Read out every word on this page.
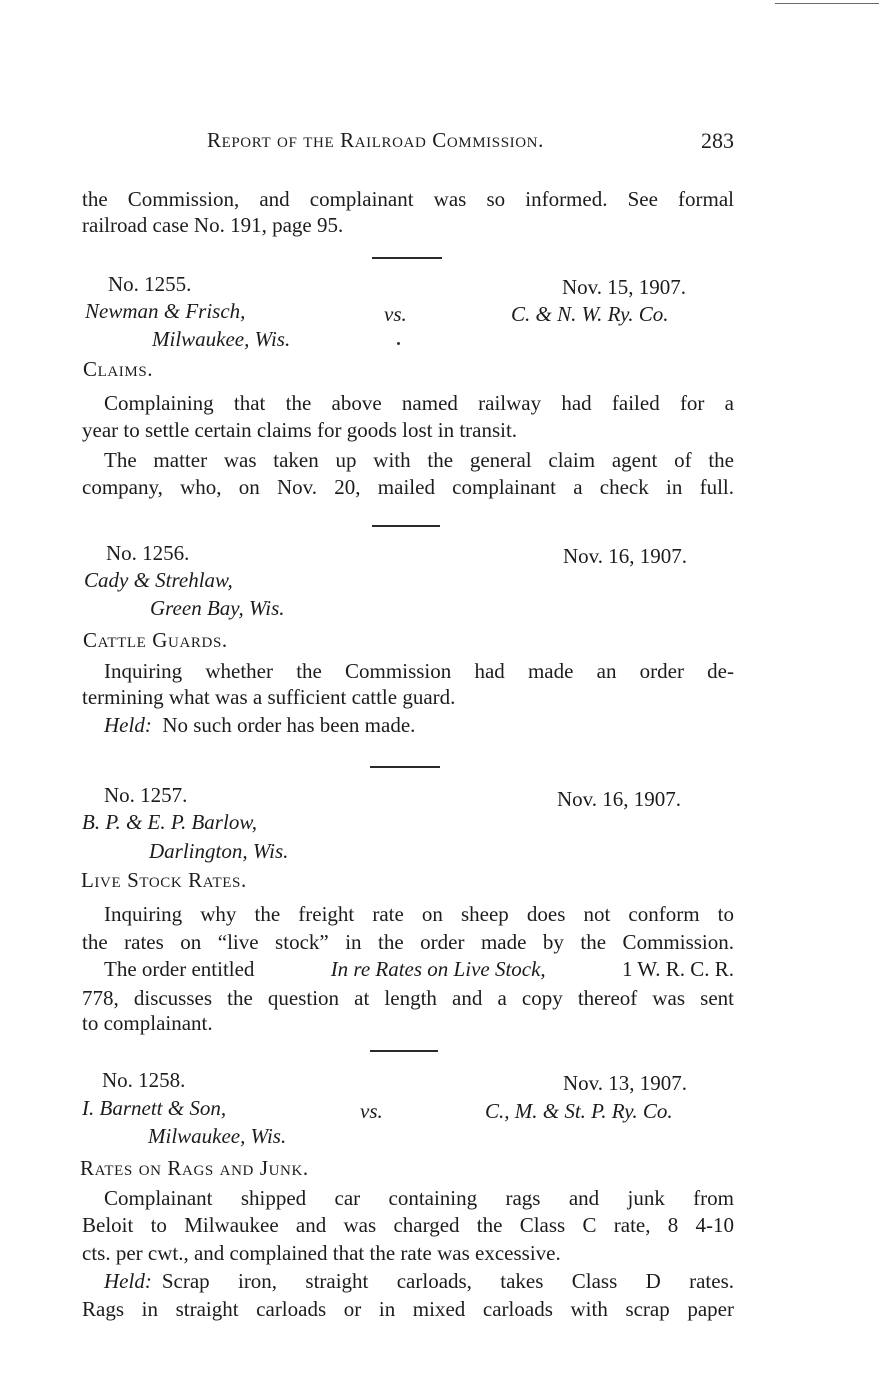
Report of the Railroad Commission.	283
the Commission, and complainant was so informed. See formal
railroad case No. 191, page 95.
No. 1255.	Nov. 15, 1907.
Newman & Frisch,	vs.	C. & N. W. Ry. Co.
Milwaukee, Wis.
Claims.
Complaining that the above named railway had failed for a
year to settle certain claims for goods lost in transit.
The matter was taken up with the general claim agent of the
company, who, on Nov. 20, mailed complainant a check in full.
No. 1256.	Nov. 16, 1907.
Cady & Strehlaw,
Green Bay, Wis.
Cattle Guards.
Inquiring whether the Commission had made an order de-
termining what was a sufficient cattle guard.
Held: No such order has been made.
No. 1257.	Nov. 16, 1907.
B. P. & E. P. Barlow,
Darlington, Wis.
Live Stock Rates.
Inquiring why the freight rate on sheep does not conform to
the rates on “live stock” in the order made by the Commission.
The order entitled	In re Rates on Live Stock,	1 W. R. C. R.
778, discusses the question at length and a copy thereof was sent
to complainant.
No. 1258.	Nov. 13, 1907.
I. Barnett & Son,	vs.	C., M. & St. P. Ry. Co.
Milwaukee, Wis.
Rates on Rags and Junk.
Complainant shipped car containing rags and junk from
Beloit to Milwaukee and was charged the Class C rate, 8 4-10
cts. per cwt., and complained that the rate was excessive.
Held: Scrap iron, straight carloads, takes Class D rates.
Rags in straight carloads or in mixed carloads with scrap paper
